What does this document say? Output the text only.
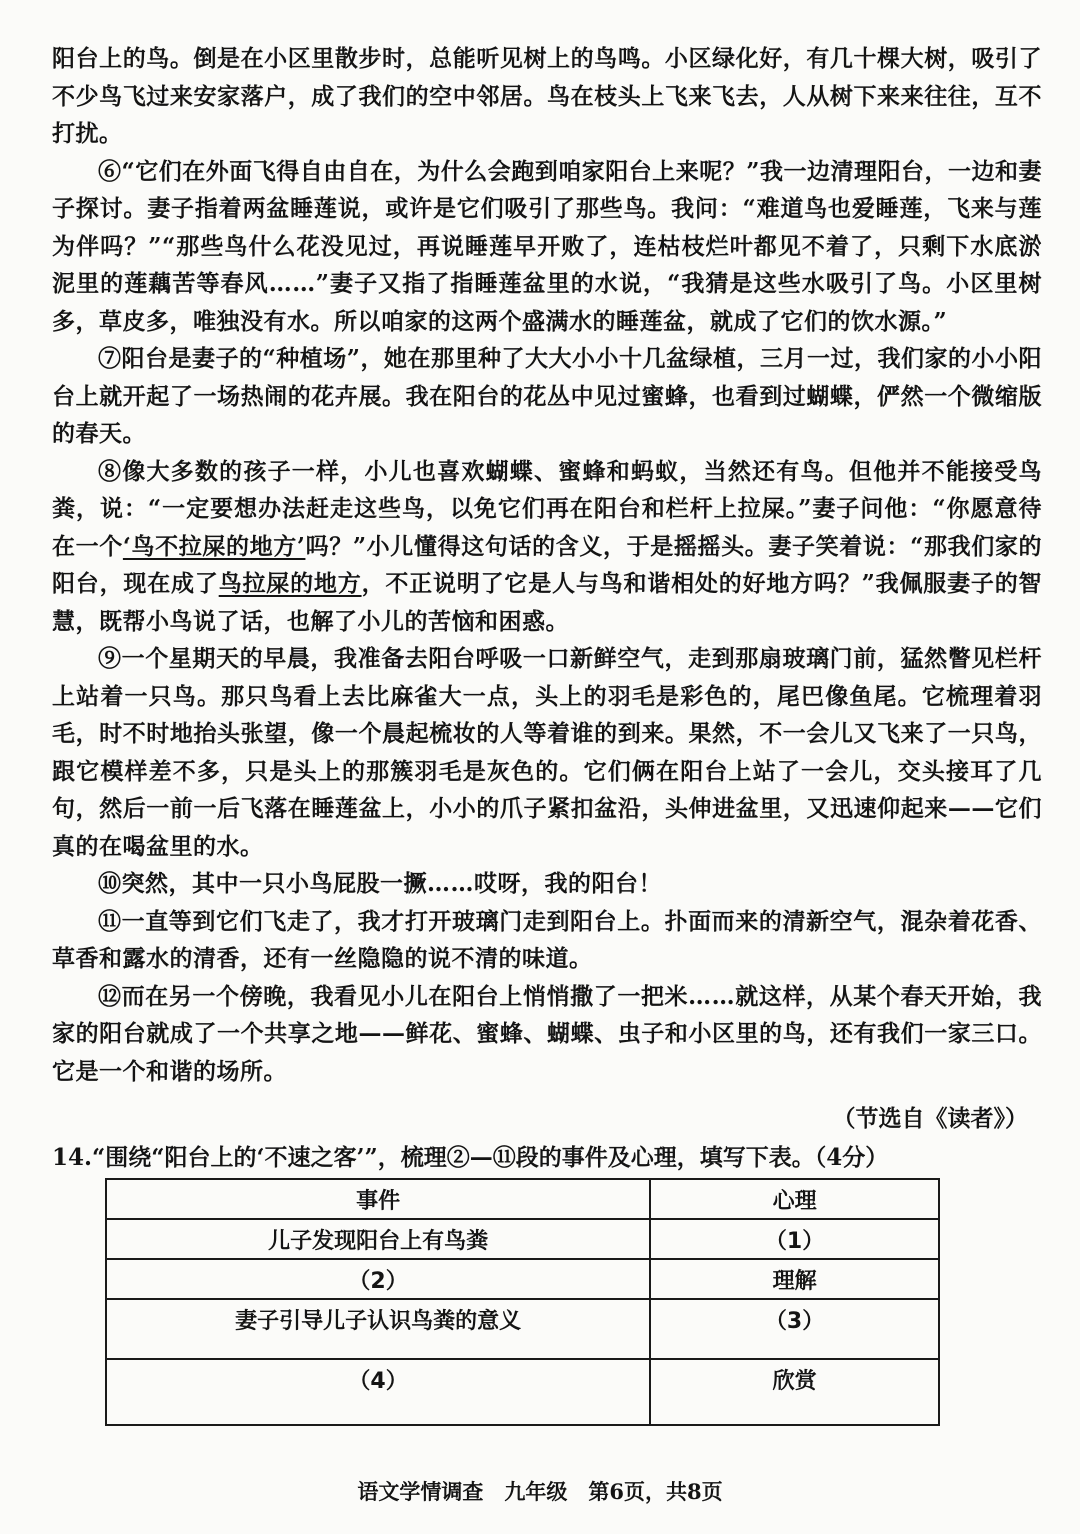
阳台上的鸟。倒是在小区里散步时，总能听见树上的鸟鸣。小区绿化好，有几十棵大树，吸引了不少鸟飞过来安家落户，成了我们的空中邻居。鸟在枝头上飞来飞去，人从树下来来往往，互不打扰。

⑥“它们在外面飞得自由自在，为什么会跑到咱家阳台上来呢？”我一边清理阳台，一边和妻子探讨。妻子指着两盆睡莲说，或许是它们吸引了那些鸟。我问：“难道鸟也爱睡莲，飞来与莲为伴吗？”“那些鸟什么花没见过，再说睡莲早开败了，连枯枝烂叶都见不着了，只剩下水底淤泥里的莲藕苦等春风……”妻子又指了指睡莲盆里的水说，“我猜是这些水吸引了鸟。小区里树多，草皮多，唯独没有水。所以咱家的这两个盛满水的睡莲盆，就成了它们的饮水源。”

⑦阳台是妻子的“种植场”，她在那里种了大大小小十几盆绿植，三月一过，我们家的小小阳台上就开起了一场热闹的花卉展。我在阳台的花丛中见过蜜蜂，也看到过蝴蝶，俨然一个微缩版的春天。

⑧像大多数的孩子一样，小儿也喜欢蝴蝶、蜜蜂和蚂蚁，当然还有鸟。但他并不能接受鸟粪，说：“一定要想办法赶走这些鸟，以免它们再在阳台和栏杆上拉屎。”妻子问他：“你愿意待在一个‘鸟不拉屎的地方’吗？”小儿懂得这句话的含义，于是摇摇头。妻子笑着说：“那我们家的阳台，现在成了鸟拉屎的地方，不正说明了它是人与鸟和谐相处的好地方吗？”我佩服妻子的智慧，既帮小鸟说了话，也解了小儿的苦恼和困惑。

⑨一个星期天的早晨，我准备去阳台呼吸一口新鲜空气，走到那扇玻璃门前，猛然瞥见栏杆上站着一只鸟。那只鸟看上去比麻雀大一点，头上的羽毛是彩色的，尾巴像鱼尾。它梳理着羽毛，时不时地抬头张望，像一个晨起梳妆的人等着谁的到来。果然，不一会儿又飞来了一只鸟，跟它模样差不多，只是头上的那簇羽毛是灰色的。它们俩在阳台上站了一会儿，交头接耳了几句，然后一前一后飞落在睡莲盆上，小小的爪子紧扣盆沿，头伸进盆里，又迅速仰起来——它们真的在喝盆里的水。

⑩突然，其中一只小鸟屁股一撅……哎呀，我的阳台！

⑪一直等到它们飞走了，我才打开玻璃门走到阳台上。扑面而来的清新空气，混杂着花香、草香和露水的清香，还有一丝隐隐的说不清的味道。

⑫而在另一个傍晚，我看见小儿在阳台上悄悄撒了一把米……就这样，从某个春天开始，我家的阳台就成了一个共享之地——鲜花、蜜蜂、蝴蝶、虫子和小区里的鸟，还有我们一家三口。它是一个和谐的场所。

（节选自《读者》）
14.“围绕“阳台上的‘不速之客’”，梳理②—⑪段的事件及心理，填写下表。（4分）
事件	心理
儿子发现阳台上有鸟粪	（1）
（2）	理解
妻子引导儿子认识鸟粪的意义	（3）
（4）	欣赏
语文学情调查　九年级　第6页，共8页
